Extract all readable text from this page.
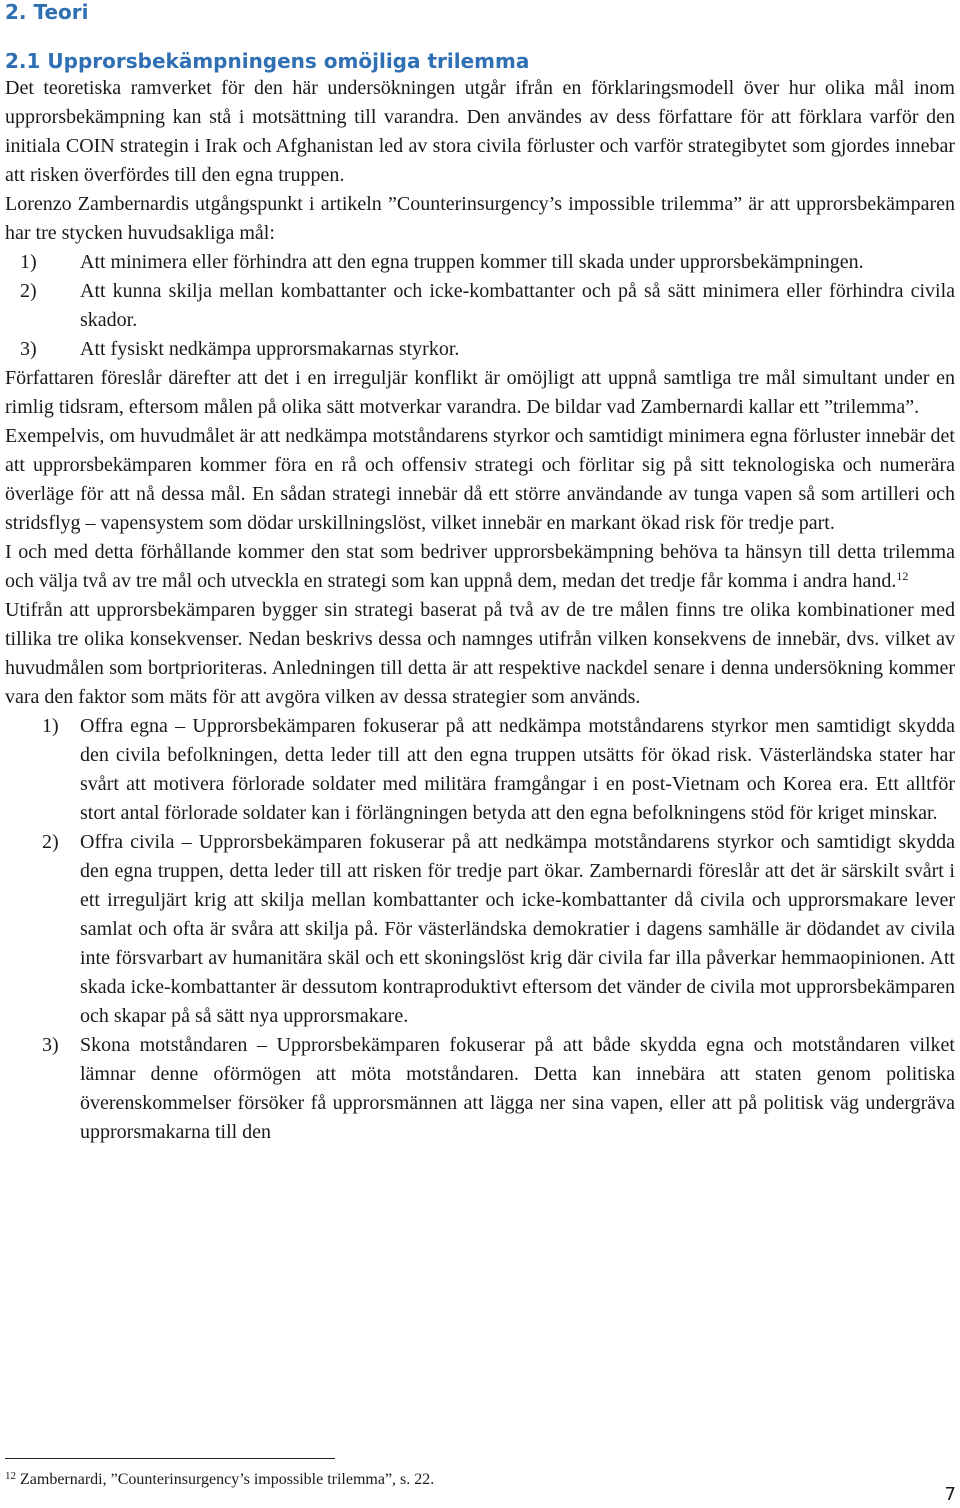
2. Teori
2.1 Upprorsbekämpningens omöjliga trilemma

Det teoretiska ramverket för den här undersökningen utgår ifrån en förklaringsmodell över hur olika mål inom upprorsbekämpning kan stå i motsättning till varandra. Den användes av dess författare för att förklara varför den initiala COIN strategin i Irak och Afghanistan led av stora civila förluster och varför strategibytet som gjordes innebar att risken överfördes till den egna truppen.

Lorenzo Zambernardis utgångspunkt i artikeln ”Counterinsurgency’s impossible trilemma” är att upprorsbekämparen har tre stycken huvudsakliga mål:

1) Att minimera eller förhindra att den egna truppen kommer till skada under upprorsbekämpningen.
2) Att kunna skilja mellan kombattanter och icke-kombattanter och på så sätt minimera eller förhindra civila skador.
3) Att fysiskt nedkämpa upprorsmakarnas styrkor.

Författaren föreslår därefter att det i en irreguljär konflikt är omöjligt att uppnå samtliga tre mål simultant under en rimlig tidsram, eftersom målen på olika sätt motverkar varandra. De bildar vad Zambernardi kallar ett ”trilemma”.

Exempelvis, om huvudmålet är att nedkämpa motståndarens styrkor och samtidigt minimera egna förluster innebär det att upprorsbekämparen kommer föra en rå och offensiv strategi och förlitar sig på sitt teknologiska och numerära överläge för att nå dessa mål. En sådan strategi innebär då ett större användande av tunga vapen så som artilleri och stridsflyg – vapensystem som dödar urskillningslöst, vilket innebär en markant ökad risk för tredje part.

I och med detta förhållande kommer den stat som bedriver upprorsbekämpning behöva ta hänsyn till detta trilemma och välja två av tre mål och utveckla en strategi som kan uppnå dem, medan det tredje får komma i andra hand.$^{12}$

Utifrån att upprorsbekämparen bygger sin strategi baserat på två av de tre målen finns tre olika kombinationer med tillika tre olika konsekvenser. Nedan beskrivs dessa och namnges utifrån vilken konsekvens de innebär, dvs. vilket av huvudmålen som bortprioriteras. Anledningen till detta är att respektive nackdel senare i denna undersökning kommer vara den faktor som mäts för att avgöra vilken av dessa strategier som används.

1) Offra egna – Upprorsbekämparen fokuserar på att nedkämpa motståndarens styrkor men samtidigt skydda den civila befolkningen, detta leder till att den egna truppen utsätts för ökad risk. Västerländska stater har svårt att motivera förlorade soldater med militära framgångar i en post-Vietnam och Korea era. Ett alltför stort antal förlorade soldater kan i förlängningen betyda att den egna befolkningens stöd för kriget minskar.
2) Offra civila – Upprorsbekämparen fokuserar på att nedkämpa motståndarens styrkor och samtidigt skydda den egna truppen, detta leder till att risken för tredje part ökar. Zambernardi föreslår att det är särskilt svårt i ett irreguljärt krig att skilja mellan kombattanter och icke-kombattanter då civila och upprorsmakare lever samlat och ofta är svåra att skilja på. För västerländska demokratier i dagens samhälle är dödandet av civila inte försvarbart av humanitära skäl och ett skoningslöst krig där civila far illa påverkar hemmaopinionen. Att skada icke-kombattanter är dessutom kontraproduktivt eftersom det vänder de civila mot upprorsbekämparen och skapar på så sätt nya upprorsmakare.
3) Skona motståndaren – Upprorsbekämparen fokuserar på att både skydda egna och motståndaren vilket lämnar denne oförmögen att möta motståndaren. Detta kan innebära att staten genom politiska överenskommelser försöker få upprorsmännen att lägga ner sina vapen, eller att på politisk väg undergräva upprorsmakarna till den
$^{12}$ Zambernardi, ”Counterinsurgency’s impossible trilemma”, s. 22.
7
